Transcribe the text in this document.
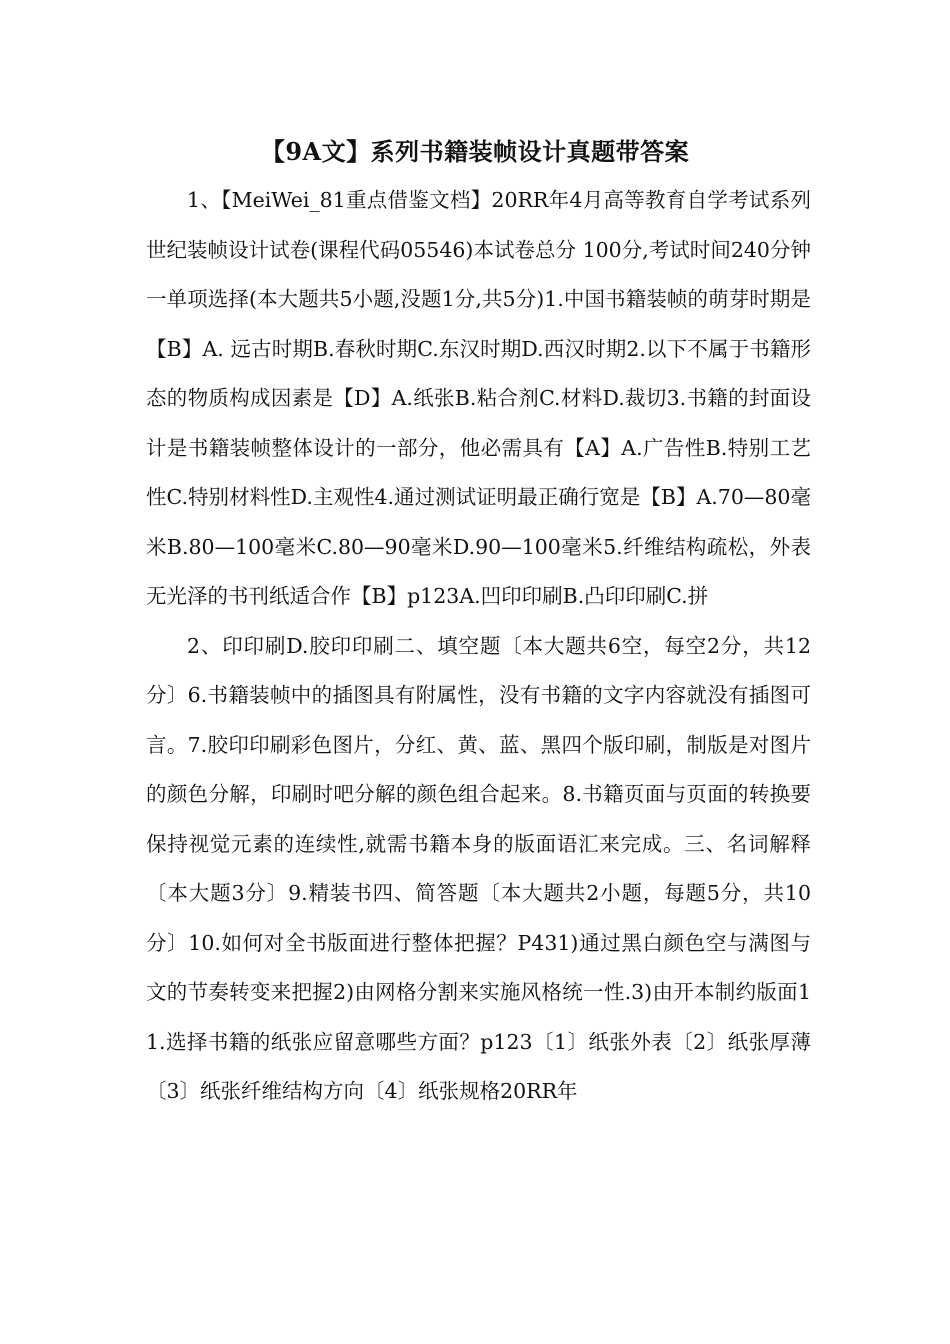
【9A文】系列书籍装帧设计真题带答案

1、【MeiWei_81重点借鉴文档】20RR年4月高等教育自学考试系列世纪装帧设计试卷(课程代码05546)本试卷总分 100分,考试时间240分钟一单项选择(本大题共5小题,没题1分,共5分)1.中国书籍装帧的萌芽时期是【B】A. 远古时期B.春秋时期C.东汉时期D.西汉时期2.以下不属于书籍形态的物质构成因素是【D】A.纸张B.粘合剂C.材料D.裁切3.书籍的封面设计是书籍装帧整体设计的一部分，他必需具有【A】A.广告性B.特别工艺性C.特别材料性D.主观性4.通过测试证明最正确行宽是【B】A.70—80毫米B.80—100毫米C.80—90毫米D.90—100毫米5.纤维结构疏松，外表无光泽的书刊纸适合作【B】p123A.凹印印刷B.凸印印刷C.拼

2、印印刷D.胶印印刷二、填空题〔本大题共6空，每空2分，共12分〕6.书籍装帧中的插图具有附属性，没有书籍的文字内容就没有插图可言。7.胶印印刷彩色图片，分红、黄、蓝、黑四个版印刷，制版是对图片的颜色分解，印刷时吧分解的颜色组合起来。8.书籍页面与页面的转换要保持视觉元素的连续性,就需书籍本身的版面语汇来完成。三、名词解释〔本大题3分〕9.精装书四、简答题〔本大题共2小题，每题5分，共10分〕10.如何对全书版面进行整体把握？P431)通过黑白颜色空与满图与文的节奏转变来把握2)由网格分割来实施风格统一性.3)由开本制约版面11.选择书籍的纸张应留意哪些方面？p123〔1〕纸张外表〔2〕纸张厚薄〔3〕纸张纤维结构方向〔4〕纸张规格20RR年
